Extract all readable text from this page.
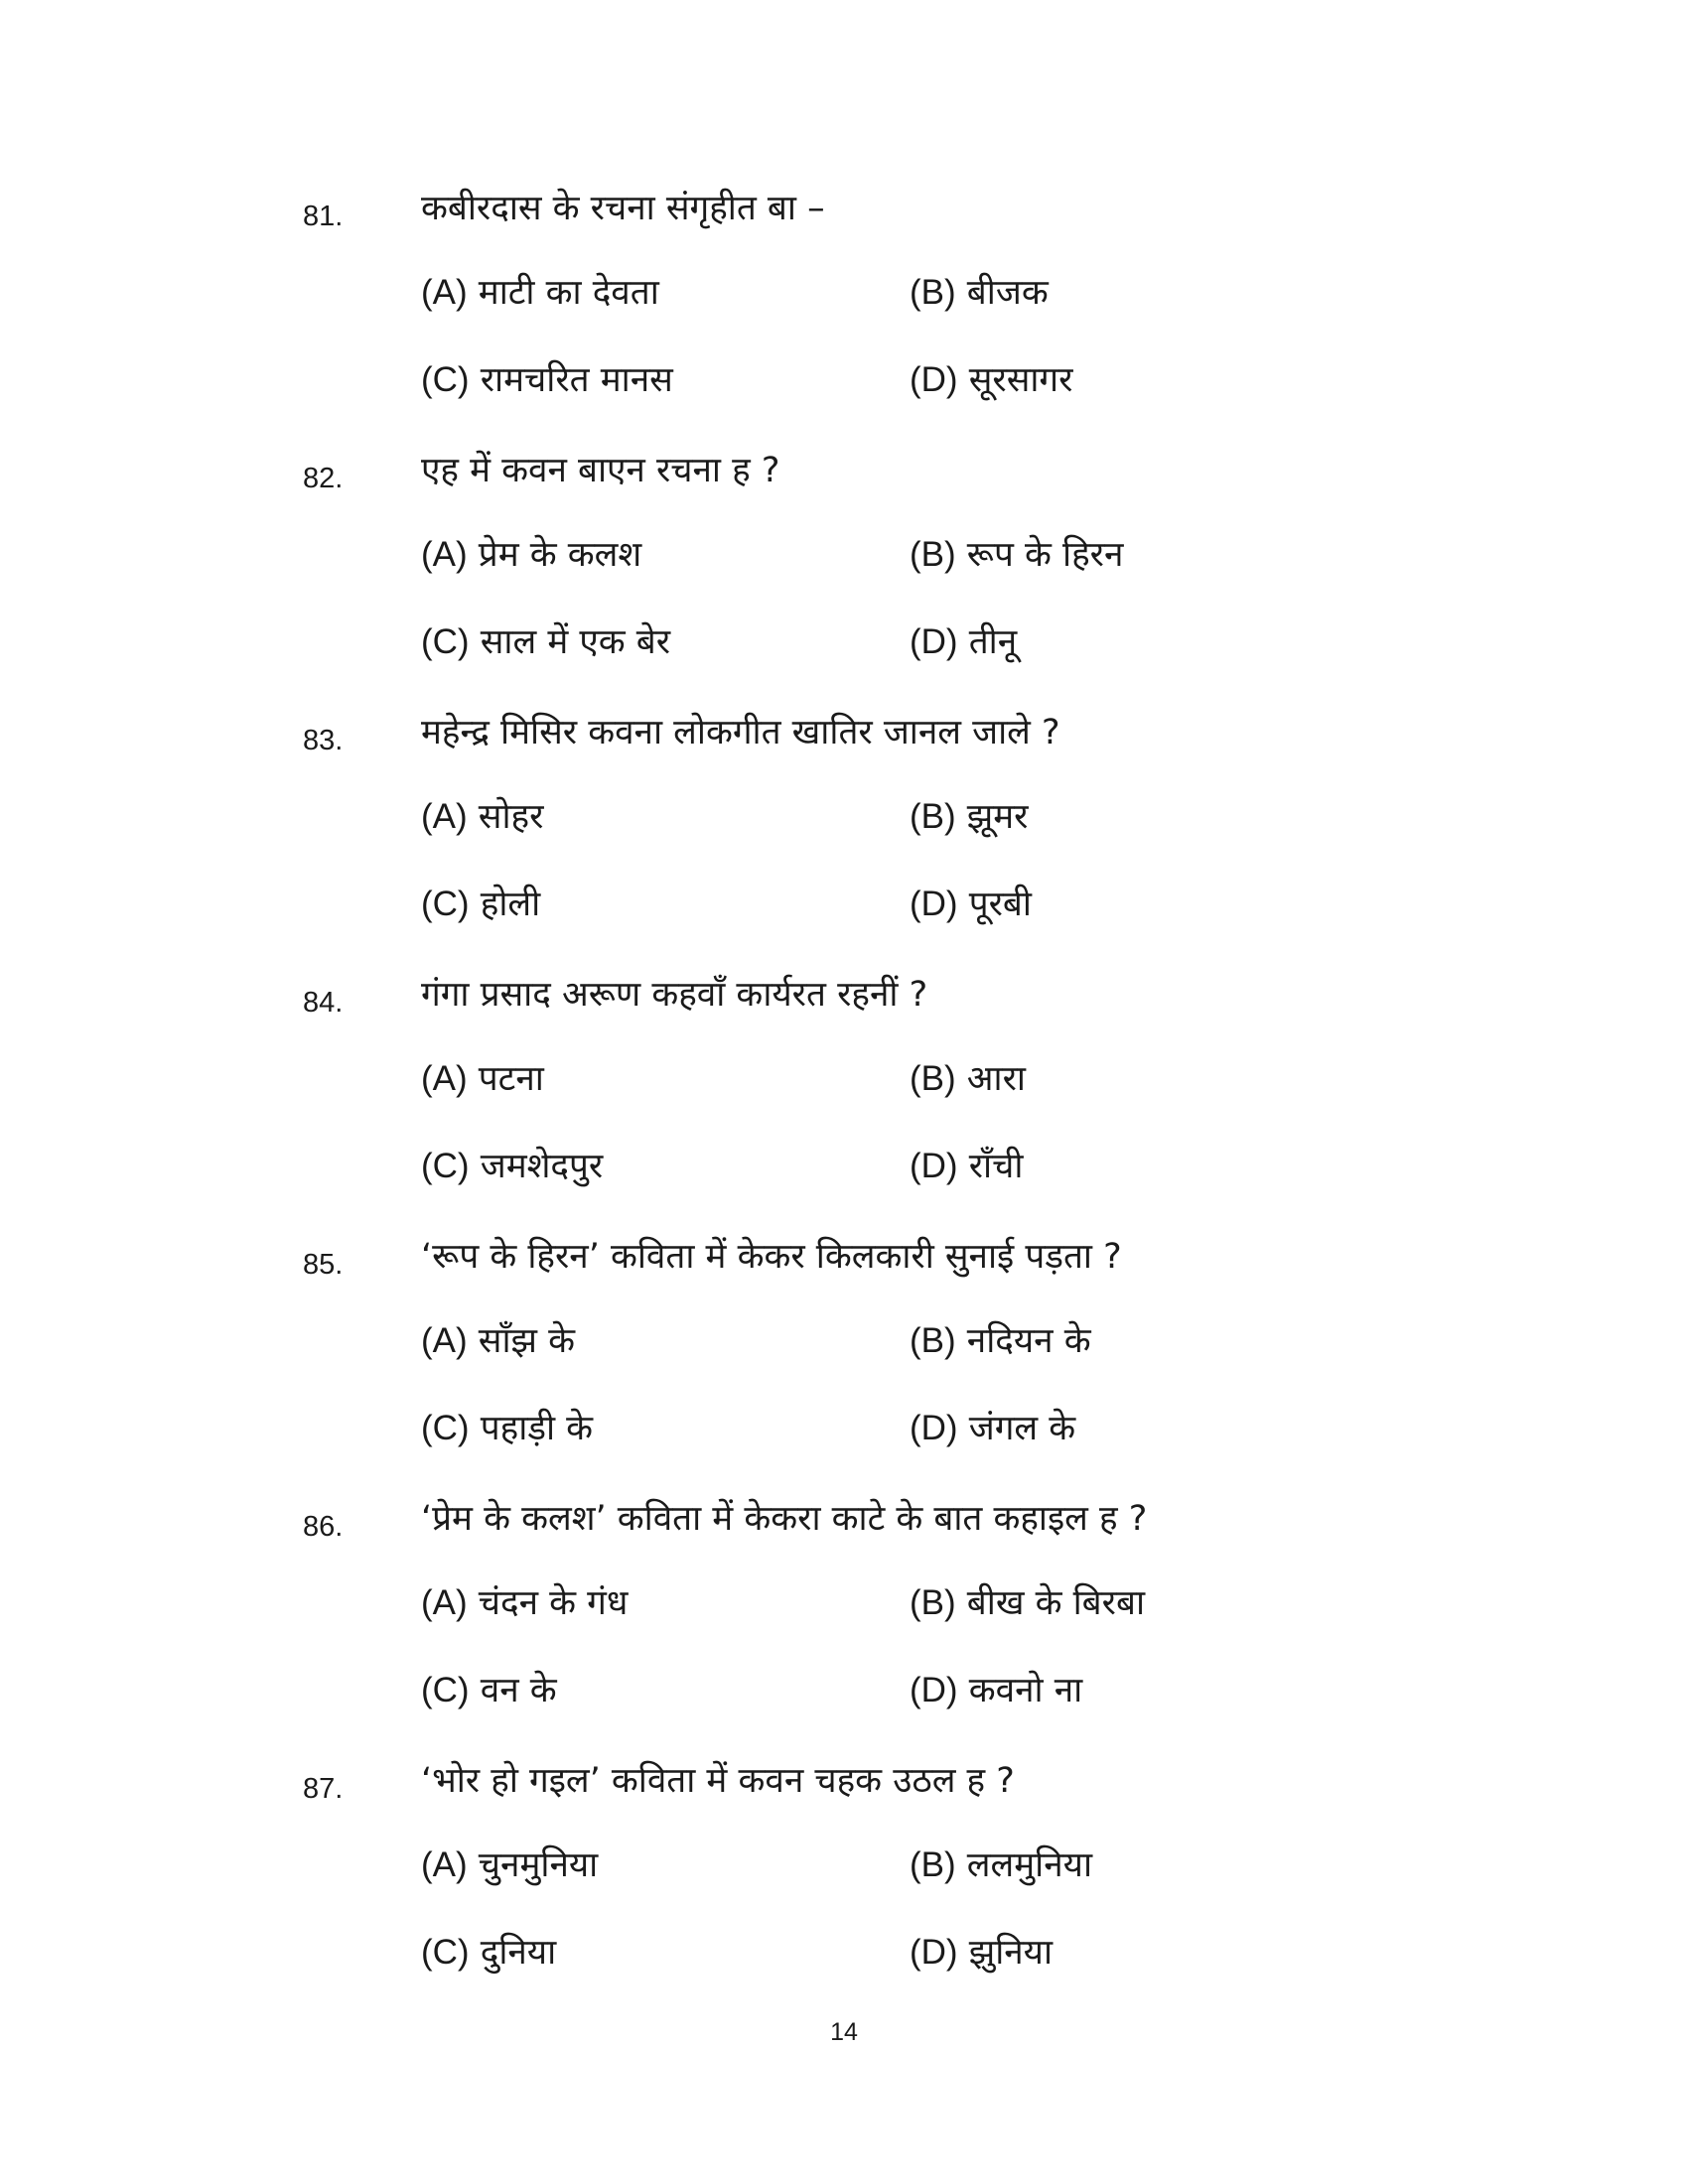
81. कबीरदास के रचना संगृहीत बा –
(A) माटी का देवता	(B) बीजक
(C) रामचरित मानस	(D) सूरसागर
82. एह में कवन बाएन रचना ह ?
(A) प्रेम के कलश	(B) रूप के हिरन
(C) साल में एक बेर	(D) तीनू
83. महेन्द्र मिसिर कवना लोकगीत खातिर जानल जाले ?
(A) सोहर	(B) झूमर
(C) होली	(D) पूरबी
84. गंगा प्रसाद अरूण कहवाँ कार्यरत रहनीं ?
(A) पटना	(B) आरा
(C) जमशेदपुर	(D) राँची
85. ‘रूप के हिरन’ कविता में केकर किलकारी सुनाई पड़ता ?
(A) साँझ के	(B) नदियन के
(C) पहाड़ी के	(D) जंगल के
86. ‘प्रेम के कलश’ कविता में केकरा काटे के बात कहाइल ह ?
(A) चंदन के गंध	(B) बीख के बिरबा
(C) वन के	(D) कवनो ना
87. ‘भोर हो गइल’ कविता में कवन चहक उठल ह ?
(A) चुनमुनिया	(B) ललमुनिया
(C) दुनिया	(D) झुनिया
14
